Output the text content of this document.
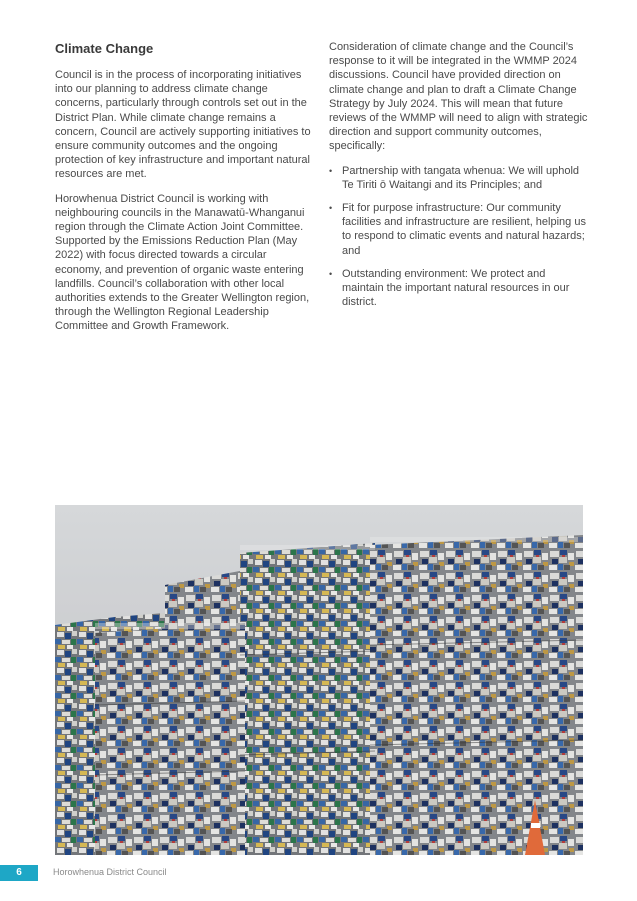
Climate Change

Council is in the process of incorporating initiatives into our planning to address climate change concerns, particularly through controls set out in the District Plan. While climate change remains a concern, Council are actively supporting initiatives to ensure community outcomes and the ongoing protection of key infrastructure and important natural resources are met.

Horowhenua District Council is working with neighbouring councils in the Manawatū-Whanganui region through the Climate Action Joint Committee. Supported by the Emissions Reduction Plan (May 2022) with focus directed towards a circular economy, and prevention of organic waste entering landfills. Council’s collaboration with other local authorities extends to the Greater Wellington region, through the Wellington Regional Leadership Committee and Growth Framework.

Consideration of climate change and the Council’s response to it will be integrated in the WMMP 2024 discussions. Council have provided direction on climate change and plan to draft a Climate Change Strategy by July 2024. This will mean that future reviews of the WMMP will need to align with strategic direction and support community outcomes, specifically:

• Partnership with tangata whenua: We will uphold Te Tiriti ō Waitangi and its Principles; and
• Fit for purpose infrastructure: Our community facilities and infrastructure are resilient, helping us to respond to climatic events and natural hazards; and
• Outstanding environment: We protect and maintain the important natural resources in our district.
6	Horowhenua District Council
